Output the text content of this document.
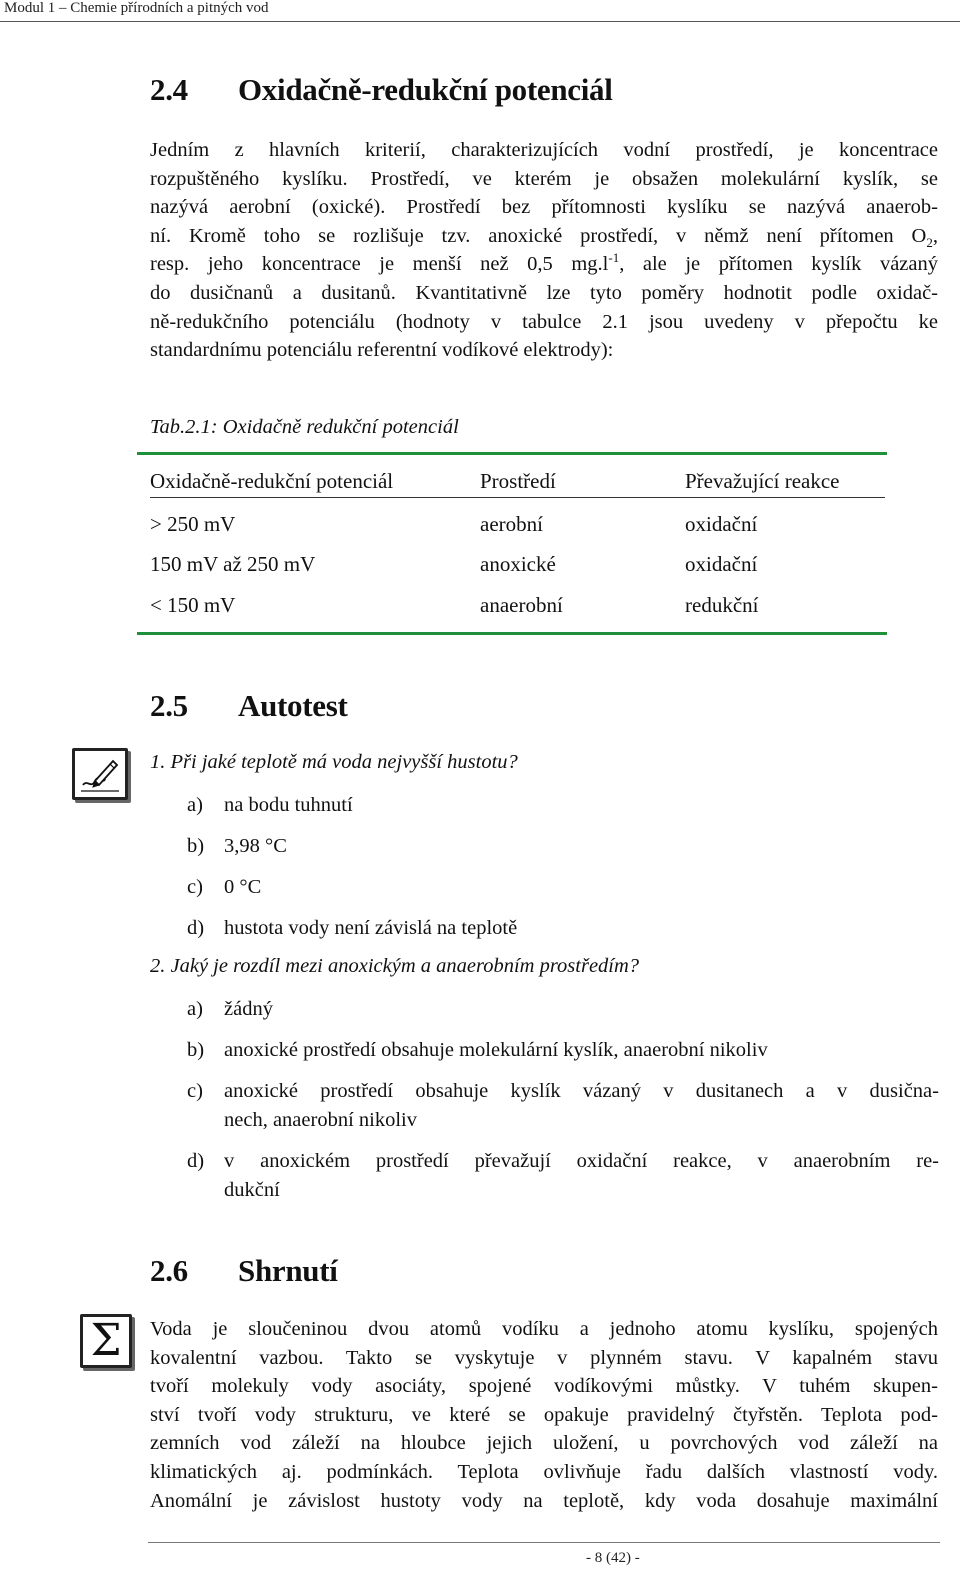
Modul 1 – Chemie přírodních a pitných vod
2.4 Oxidačně-redukční potenciál
Jedním z hlavních kriterií, charakterizujících vodní prostředí, je koncentrace
rozpuštěného kyslíku. Prostředí, ve kterém je obsažen molekulární kyslík, se
nazývá aerobní (oxické). Prostředí bez přítomnosti kyslíku se nazývá anaerob-
ní. Kromě toho se rozlišuje tzv. anoxické prostředí, v němž není přítomen $O_2$,
resp. jeho koncentrace je menší než 0,5 $mg.l^{-1}$, ale je přítomen kyslík vázaný
do dusičnanů a dusitanů. Kvantitativně lze tyto poměry hodnotit podle oxidač-
ně-redukčního potenciálu (hodnoty v tabulce 2.1 jsou uvedeny v přepočtu ke
standardnímu potenciálu referentní vodíkové elektrody):
Tab.2.1: Oxidačně redukční potenciál
Oxidačně-redukční potenciál	Prostředí	Převažující reakce
> 250 mV	aerobní	oxidační
150 mV až 250 mV	anoxické	oxidační
< 150 mV	anaerobní	redukční
2.5 Autotest
1. Při jaké teplotě má voda nejvyšší hustotu?
a) na bodu tuhnutí
b) 3,98 °C
c) 0 °C
d) hustota vody není závislá na teplotě
2. Jaký je rozdíl mezi anoxickým a anaerobním prostředím?
a) žádný
b) anoxické prostředí obsahuje molekulární kyslík, anaerobní nikoliv
c) anoxické prostředí obsahuje kyslík vázaný v dusitanech a v dusična-
nech, anaerobní nikoliv
d) v anoxickém prostředí převažují oxidační reakce, v anaerobním re-
dukční
2.6 Shrnutí
Σ	Voda je sloučeninou dvou atomů vodíku a jednoho atomu kyslíku, spojených
kovalentní vazbou. Takto se vyskytuje v plynném stavu. V kapalném stavu
tvoří molekuly vody asociáty, spojené vodíkovými můstky. V tuhém skupen-
ství tvoří vody strukturu, ve které se opakuje pravidelný čtyřstěn. Teplota pod-
zemních vod záleží na hloubce jejich uložení, u povrchových vod záleží na
klimatických aj. podmínkách. Teplota ovlivňuje řadu dalších vlastností vody.
Anomální je závislost hustoty vody na teplotě, kdy voda dosahuje maximální
- 8 (42) -
